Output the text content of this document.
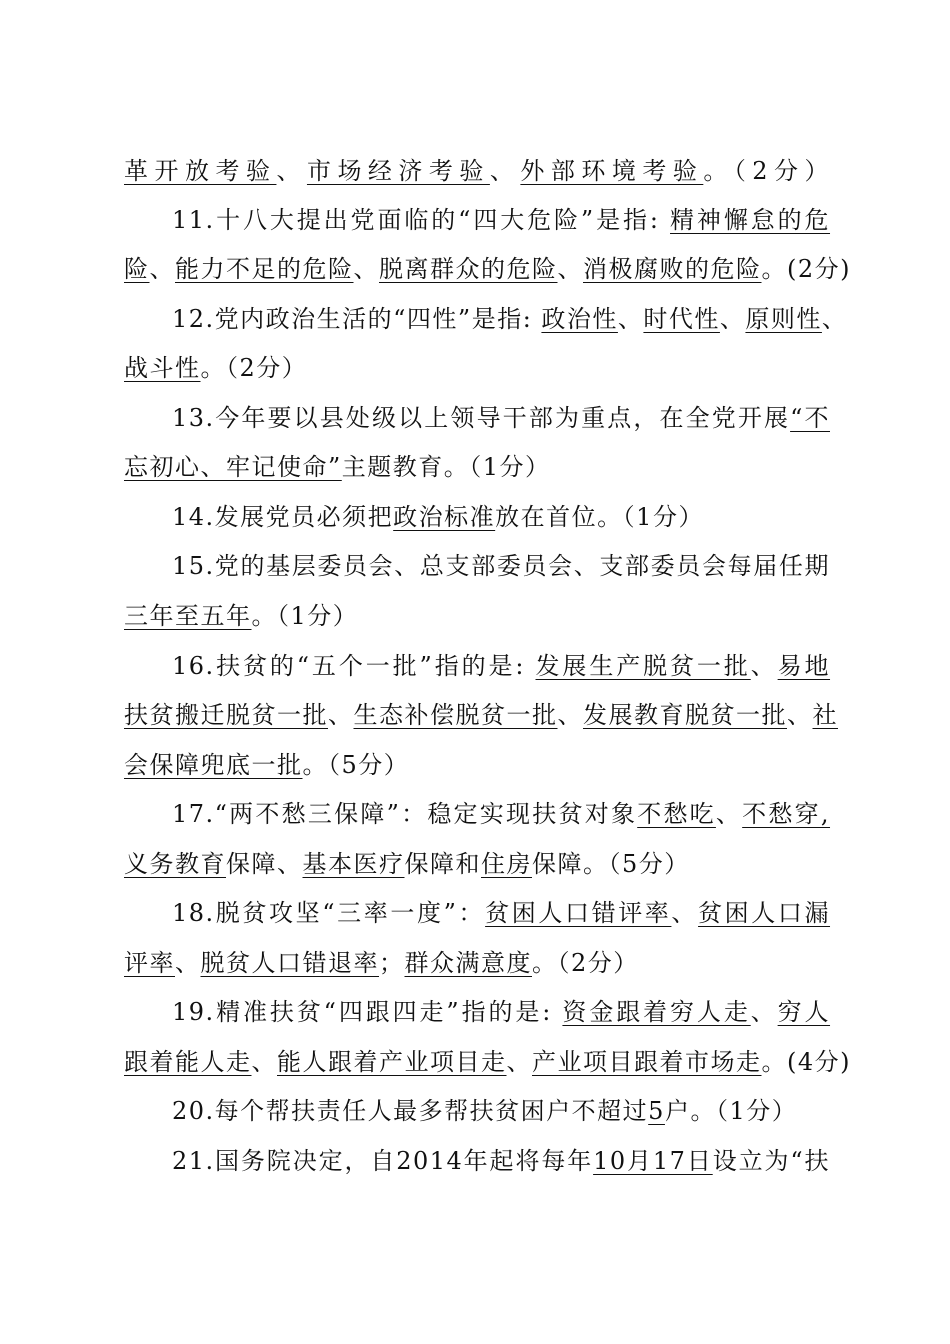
革开放考验、市场经济考验、外部环境考验。（2分）
11.十八大提出党面临的“四大危险”是指: 精神懈怠的危
险、能力不足的危险、脱离群众的危险、消极腐败的危险。(2分)
12.党内政治生活的“四性”是指: 政治性、时代性、原则性、
战斗性。（2分）
13.今年要以县处级以上领导干部为重点，在全党开展“不
忘初心、牢记使命”主题教育。（1分）
14.发展党员必须把政治标准放在首位。（1分）
15.党的基层委员会、总支部委员会、支部委员会每届任期
三年至五年。（1分）
16.扶贫的“五个一批”指的是: 发展生产脱贫一批、易地
扶贫搬迁脱贫一批、生态补偿脱贫一批、发展教育脱贫一批、社
会保障兜底一批。（5分）
17.“两不愁三保障”：稳定实现扶贫对象不愁吃、不愁穿,
义务教育保障、基本医疗保障和住房保障。（5分）
18.脱贫攻坚“三率一度”：贫困人口错评率、贫困人口漏
评率、脱贫人口错退率；群众满意度。（2分）
19.精准扶贫“四跟四走”指的是: 资金跟着穷人走、穷人
跟着能人走、能人跟着产业项目走、产业项目跟着市场走。(4分)
20.每个帮扶责任人最多帮扶贫困户不超过5户。（1分）
21.国务院决定，自2014年起将每年10月17日设立为“扶
